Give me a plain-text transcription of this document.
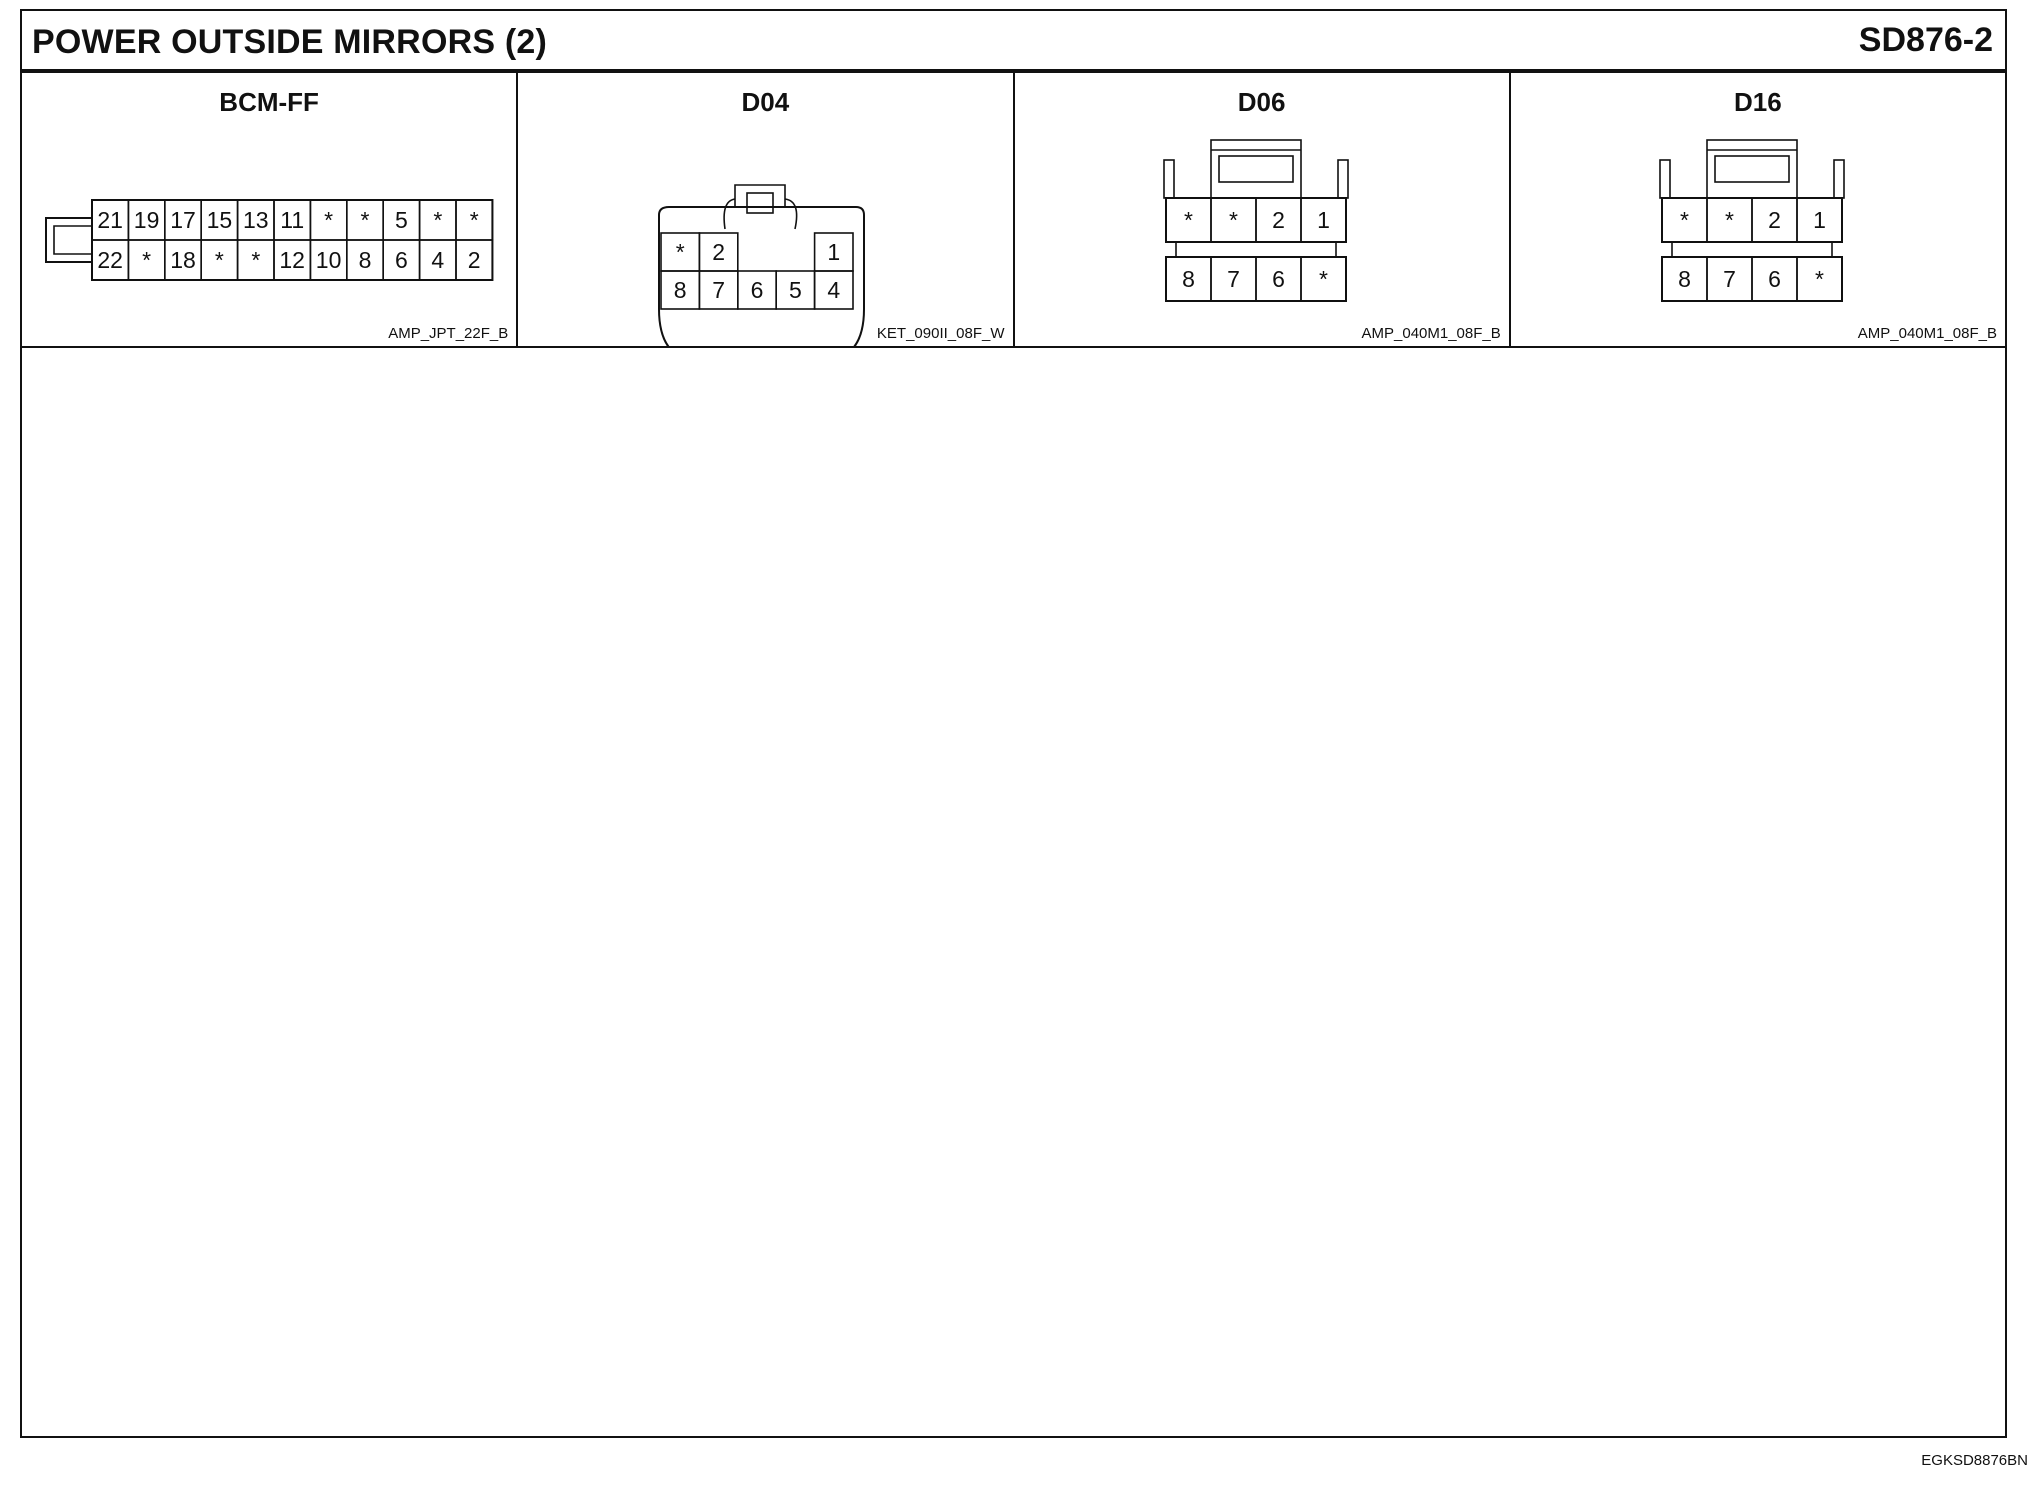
POWER OUTSIDE MIRRORS (2)	SD876-2
BCM-FF
21 19 17 15 13 11 * * 5 * *
22 * 18 * * 12 10 8 6 4 2
AMP_JPT_22F_B
D04
* 2	1
8 7 6 5 4
KET_090II_08F_W
D06
* * 2 1
8 7 6 *
AMP_040M1_08F_B
D16
* * 2 1
8 7 6 *
AMP_040M1_08F_B
EGKSD8876BN
